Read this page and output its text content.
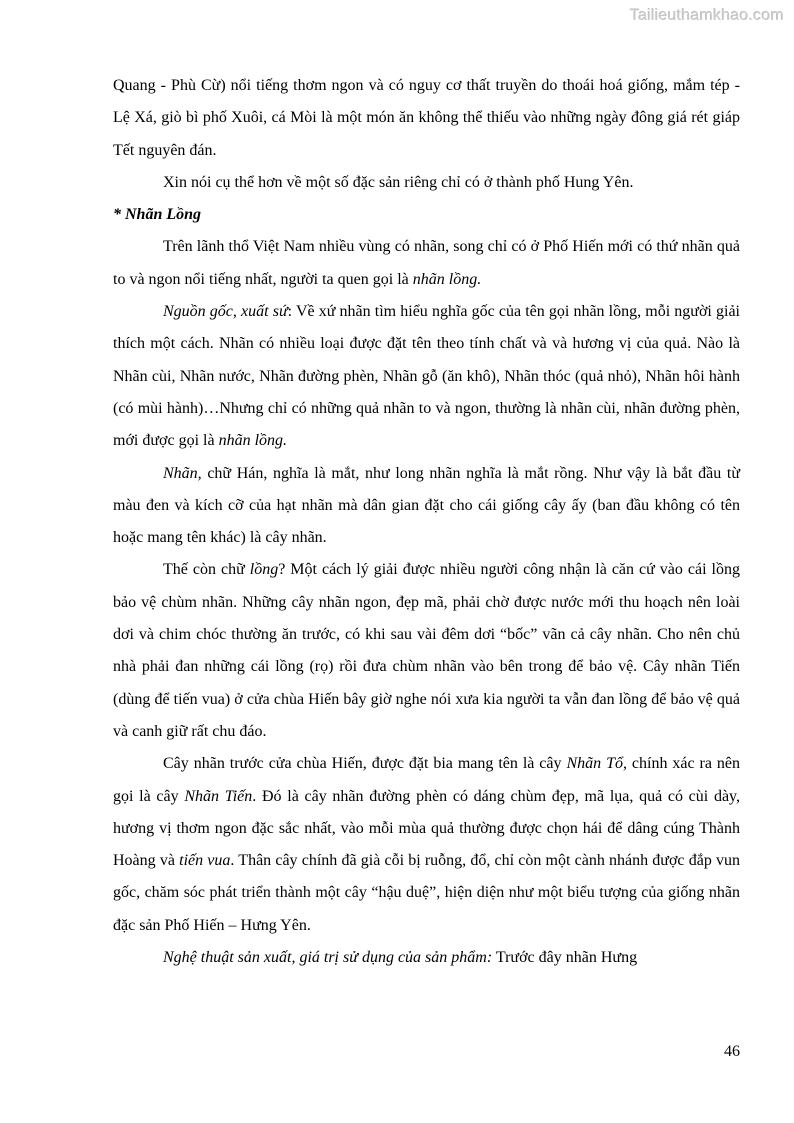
Tailieuthamkhao.com

Quang - Phù Cừ) nổi tiếng thơm ngon và có nguy cơ thất truyền do thoái hoá giống, mắm tép - Lệ Xá, giò bì phố Xuôi, cá Mòi là một món ăn không thể thiếu vào những ngày đông giá rét giáp Tết nguyên đán.

Xin nói cụ thể hơn về một số đặc sản riêng chỉ có ở thành phố Hung Yên.

* Nhãn Lồng

Trên lãnh thổ Việt Nam nhiều vùng có nhãn, song chỉ có ở Phố Hiến mới có thứ nhãn quả to và ngon nổi tiếng nhất, người ta quen gọi là nhãn lồng.

Nguồn gốc, xuất sứ: Về xứ nhãn tìm hiểu nghĩa gốc của tên gọi nhãn lồng, mỗi người giải thích một cách. Nhãn có nhiều loại được đặt tên theo tính chất và và hương vị của quả. Nào là Nhãn cùi, Nhãn nước, Nhãn đường phèn, Nhãn gỗ (ăn khô), Nhãn thóc (quả nhỏ), Nhãn hôi hành (có mùi hành)…Nhưng chỉ có những quả nhãn to và ngon, thường là nhãn cùi, nhãn đường phèn, mới được gọi là nhãn lồng.

Nhãn, chữ Hán, nghĩa là mắt, như long nhãn nghĩa là mắt rồng. Như vậy là bắt đầu từ màu đen và kích cỡ của hạt nhãn mà dân gian đặt cho cái giống cây ấy (ban đầu không có tên hoặc mang tên khác) là cây nhãn.

Thế còn chữ lồng? Một cách lý giải được nhiều người công nhận là căn cứ vào cái lồng bảo vệ chùm nhãn. Những cây nhãn ngon, đẹp mã, phải chờ được nước mới thu hoạch nên loài dơi và chim chóc thường ăn trước, có khi sau vài đêm dơi “bốc” vãn cả cây nhãn. Cho nên chủ nhà phải đan những cái lồng (rọ) rồi đưa chùm nhãn vào bên trong để bảo vệ. Cây nhãn Tiến (dùng để tiến vua) ở cửa chùa Hiến bây giờ nghe nói xưa kia người ta vẫn đan lồng để bảo vệ quả và canh giữ rất chu đáo.

Cây nhãn trước cửa chùa Hiến, được đặt bia mang tên là cây Nhãn Tổ, chính xác ra nên gọi là cây Nhãn Tiến. Đó là cây nhãn đường phèn có dáng chùm đẹp, mã lụa, quả có cùi dày, hương vị thơm ngon đặc sắc nhất, vào mỗi mùa quả thường được chọn hái để dâng cúng Thành Hoàng và tiến vua. Thân cây chính đã già cỗi bị ruỗng, đổ, chỉ còn một cành nhánh được đắp vun gốc, chăm sóc phát triển thành một cây “hậu duệ”, hiện diện như một biểu tượng của giống nhãn đặc sản Phố Hiến – Hưng Yên.

Nghệ thuật sản xuất, giá trị sử dụng của sản phẩm: Trước đây nhãn Hưng

46
